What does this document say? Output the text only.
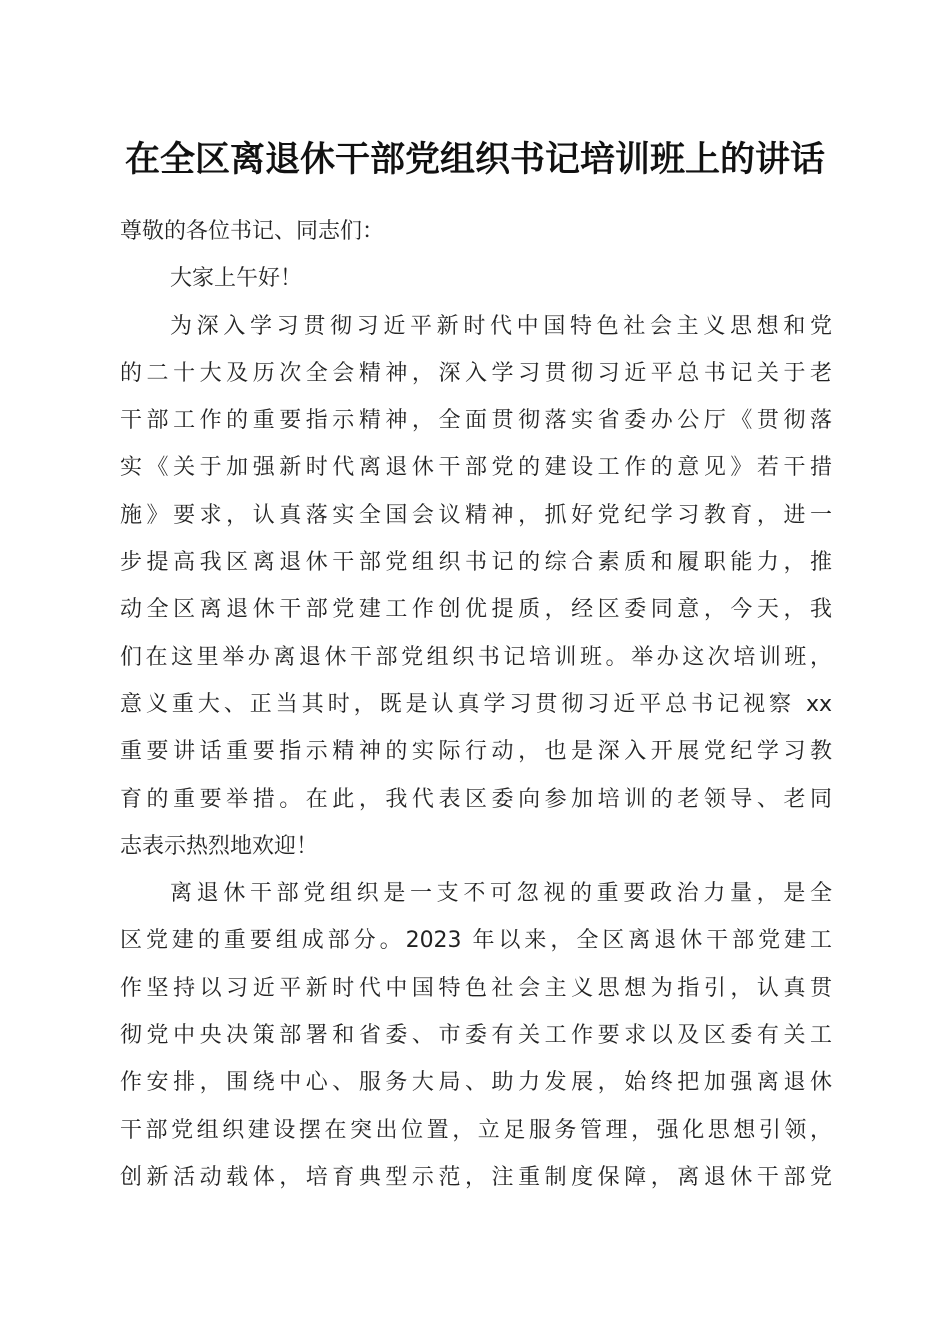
在全区离退休干部党组织书记培训班上的讲话

尊敬的各位书记、同志们：

大家上午好！

为深入学习贯彻习近平新时代中国特色社会主义思想和党

的二十大及历次全会精神，深入学习贯彻习近平总书记关于老

干部工作的重要指示精神，全面贯彻落实省委办公厅《贯彻落

实《关于加强新时代离退休干部党的建设工作的意见》若干措

施》要求，认真落实全国会议精神，抓好党纪学习教育，进一

步提高我区离退休干部党组织书记的综合素质和履职能力，推

动全区离退休干部党建工作创优提质，经区委同意，今天，我

们在这里举办离退休干部党组织书记培训班。举办这次培训班，

意义重大、正当其时，既是认真学习贯彻习近平总书记视察 xx

重要讲话重要指示精神的实际行动，也是深入开展党纪学习教

育的重要举措。在此，我代表区委向参加培训的老领导、老同

志表示热烈地欢迎！

离退休干部党组织是一支不可忽视的重要政治力量，是全

区党建的重要组成部分。2023 年以来，全区离退休干部党建工

作坚持以习近平新时代中国特色社会主义思想为指引，认真贯

彻党中央决策部署和省委、市委有关工作要求以及区委有关工

作安排，围绕中心、服务大局、助力发展，始终把加强离退休

干部党组织建设摆在突出位置，立足服务管理，强化思想引领，

创新活动载体，培育典型示范，注重制度保障，离退休干部党
